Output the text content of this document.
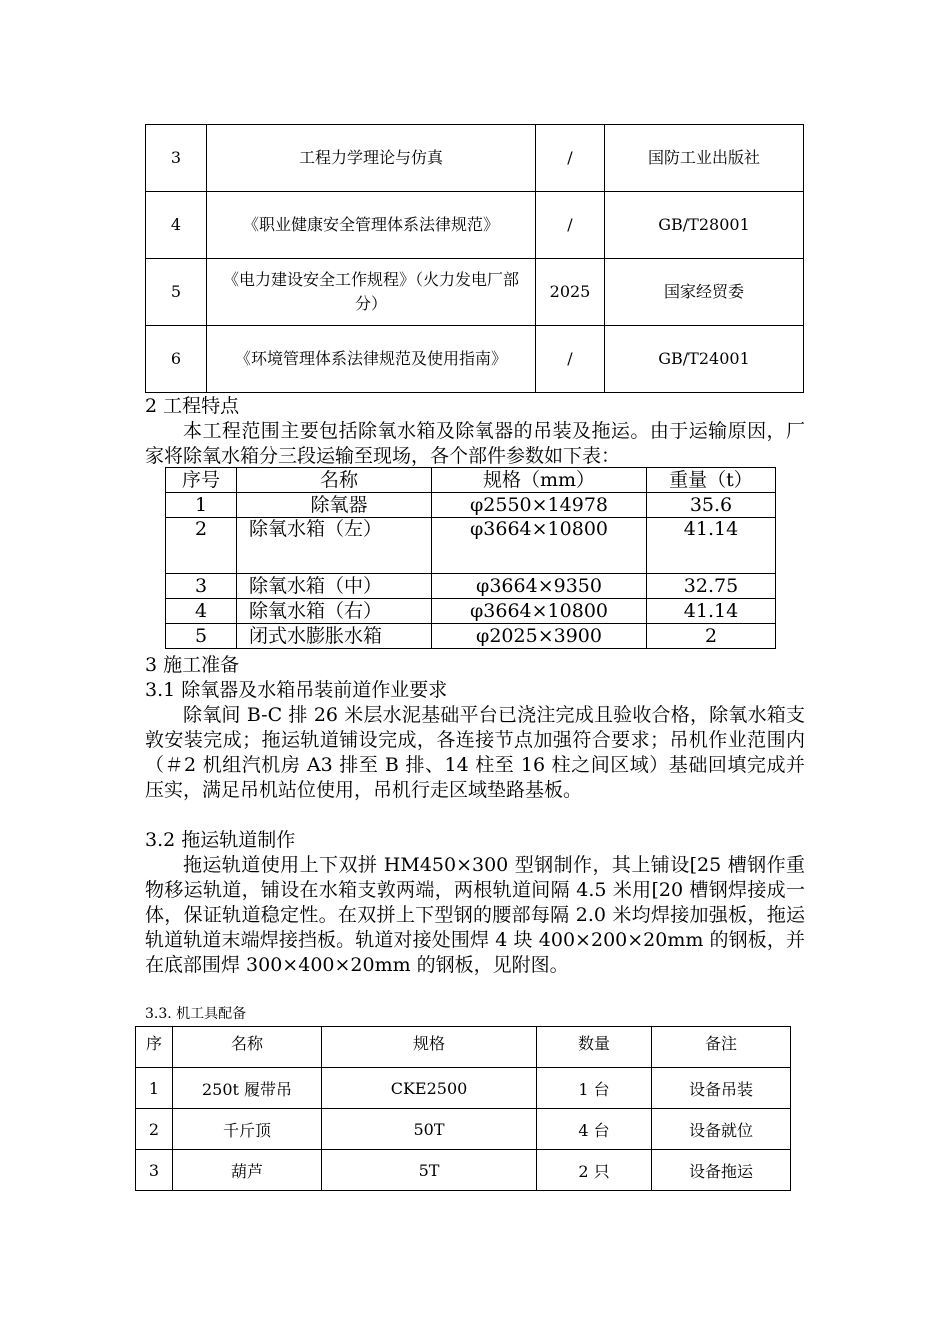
3	工程力学理论与仿真	/	国防工业出版社
4	《职业健康安全管理体系法律规范》	/	GB/T28001
5	《电力建设安全工作规程》（火力发电厂部分）	2025	国家经贸委
6	《环境管理体系法律规范及使用指南》	/	GB/T24001

2 工程特点

本工程范围主要包括除氧水箱及除氧器的吊装及拖运。由于运输原因，厂家将除氧水箱分三段运输至现场，各个部件参数如下表：

序号	名称	规格（mm）	重量（t）
1	除氧器	φ2550×14978	35.6
2	除氧水箱（左）	φ3664×10800	41.14
3	除氧水箱（中）	φ3664×9350	32.75
4	除氧水箱（右）	φ3664×10800	41.14
5	闭式水膨胀水箱	φ2025×3900	2

3 施工准备

3.1 除氧器及水箱吊装前道作业要求

除氧间 B-C 排 26 米层水泥基础平台已浇注完成且验收合格，除氧水箱支敦安装完成；拖运轨道铺设完成，各连接节点加强符合要求；吊机作业范围内（＃2 机组汽机房 A3 排至 B 排、14 柱至 16 柱之间区域）基础回填完成并压实，满足吊机站位使用，吊机行走区域垫路基板。

3.2 拖运轨道制作

拖运轨道使用上下双拼 HM450×300 型钢制作，其上铺设[25 槽钢作重物移运轨道，铺设在水箱支敦两端，两根轨道间隔 4.5 米用[20 槽钢焊接成一体，保证轨道稳定性。在双拼上下型钢的腰部每隔 2.0 米均焊接加强板，拖运轨道轨道末端焊接挡板。轨道对接处围焊 4 块 400×200×20mm 的钢板，并在底部围焊 300×400×20mm 的钢板，见附图。

3.3. 机工具配备
序	名称	规格	数量	备注
1	250t 履带吊	CKE2500	1 台	设备吊装
2	千斤顶	50T	4 台	设备就位
3	葫芦	5T	2 只	设备拖运
